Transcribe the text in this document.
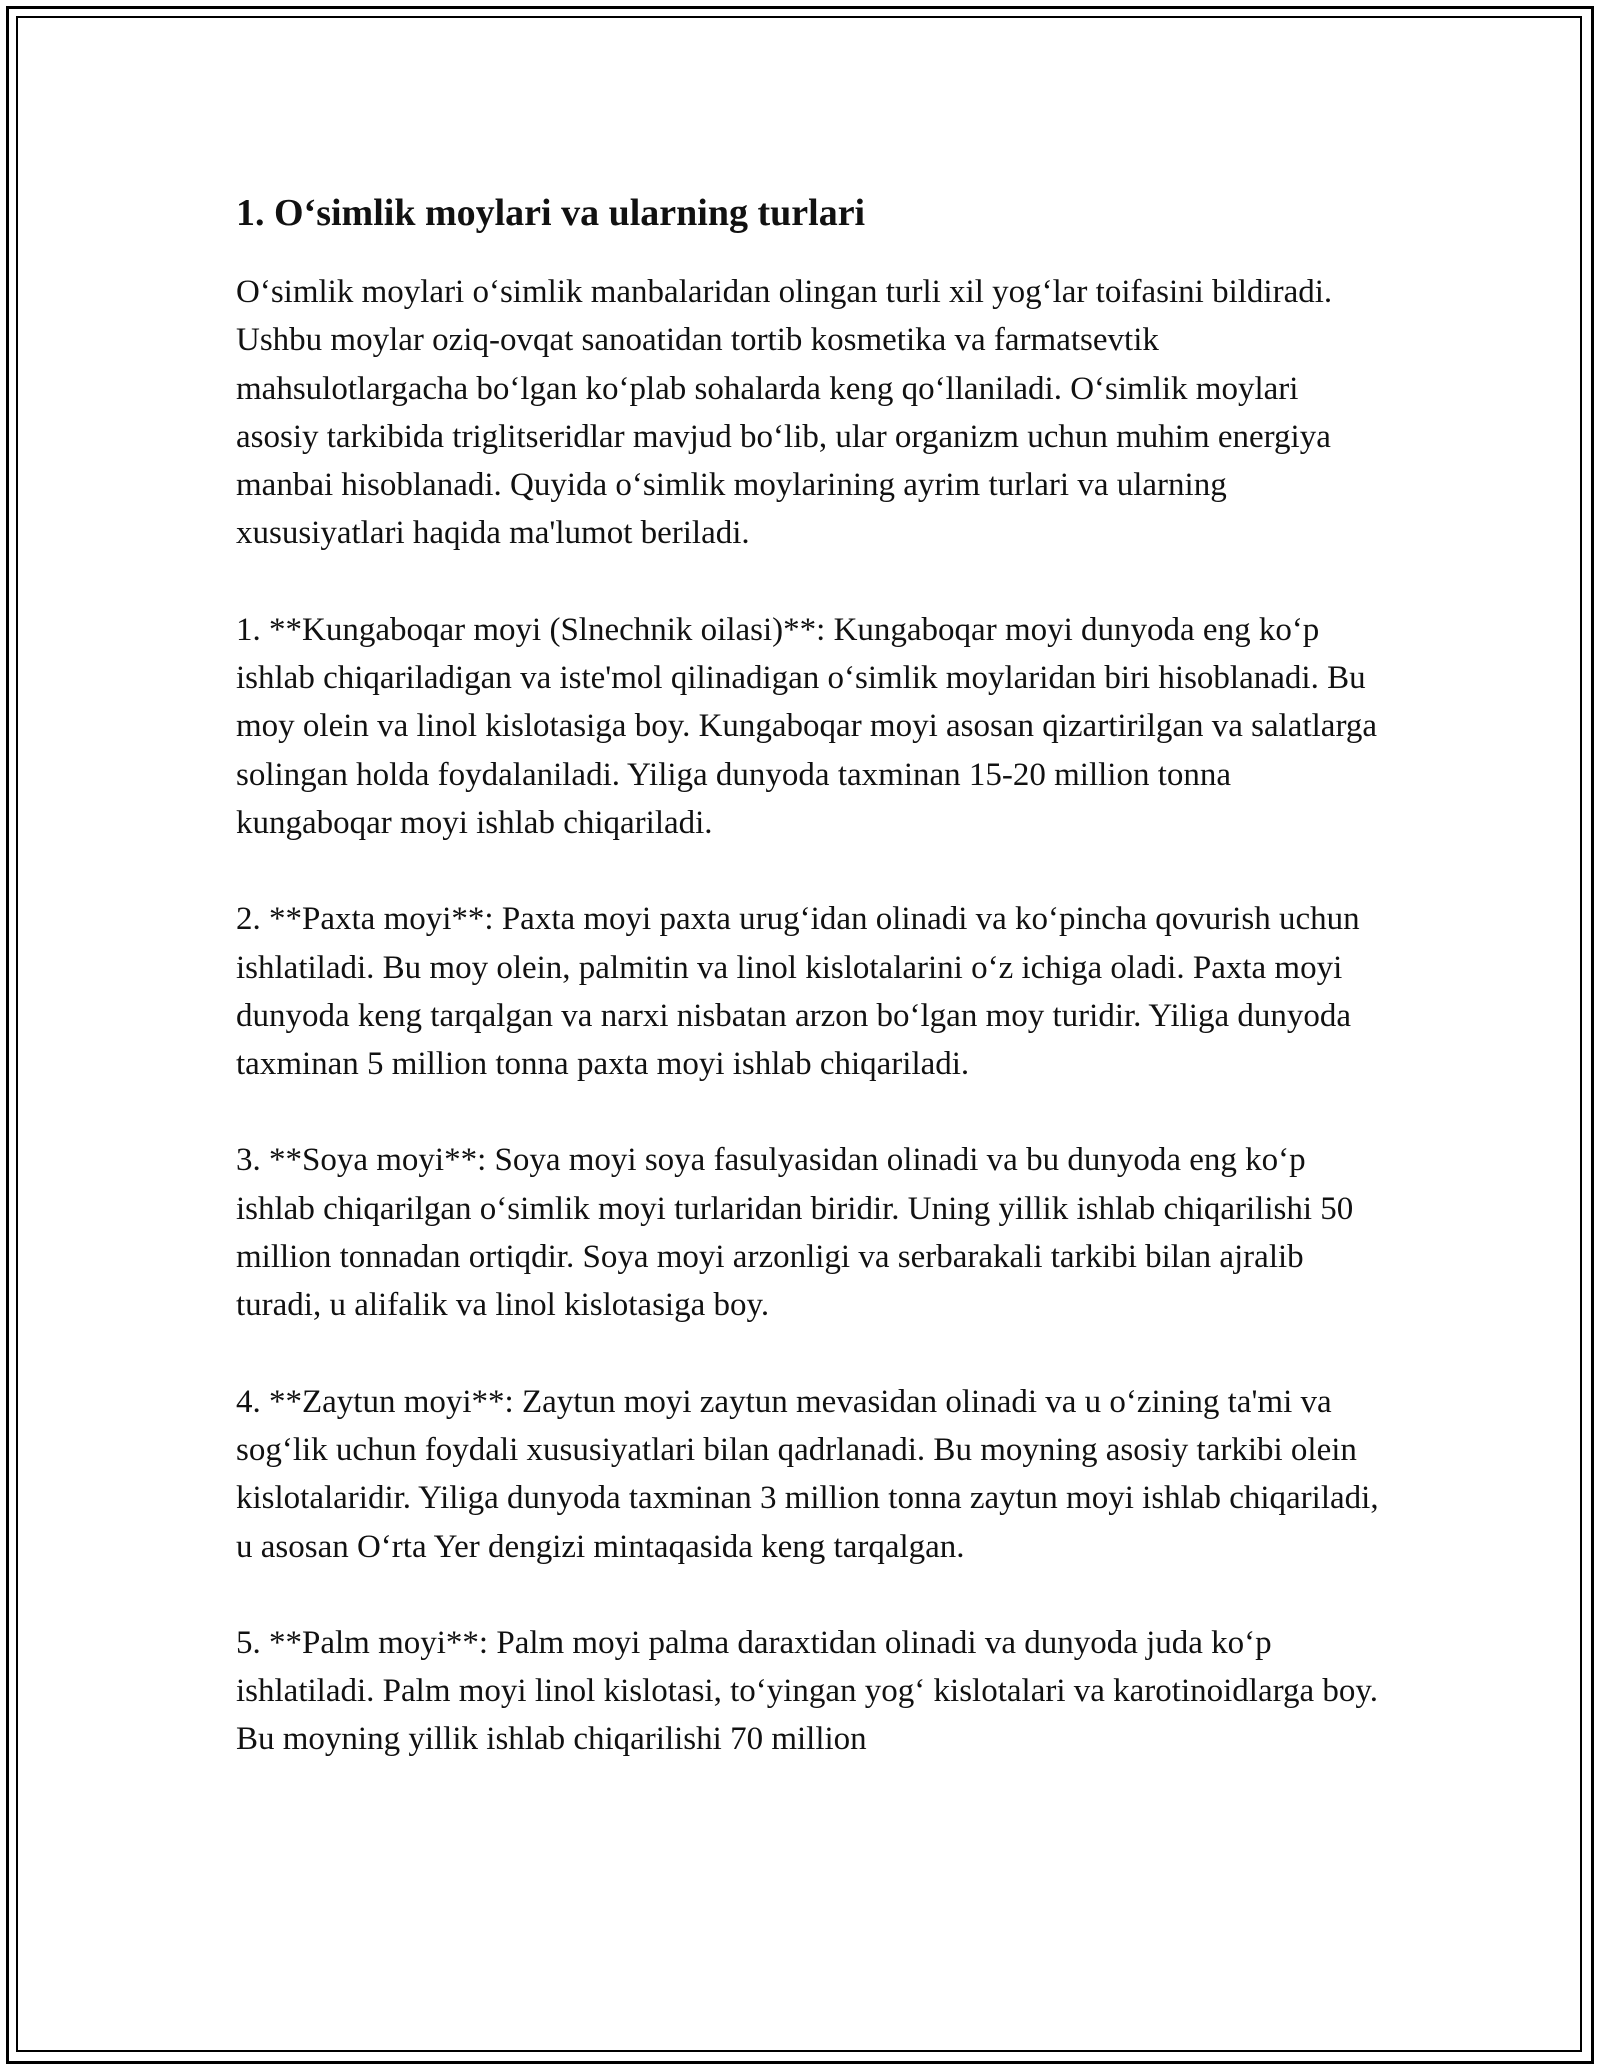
1. O‘simlik moylari va ularning turlari

O‘simlik moylari o‘simlik manbalaridan olingan turli xil yog‘lar toifasini bildiradi. Ushbu moylar oziq-ovqat sanoatidan tortib kosmetika va farmatsevtik mahsulotlargacha bo‘lgan ko‘plab sohalarda keng qo‘llaniladi. O‘simlik moylari asosiy tarkibida triglitseridlar mavjud bo‘lib, ular organizm uchun muhim energiya manbai hisoblanadi. Quyida o‘simlik moylarining ayrim turlari va ularning xususiyatlari haqida ma'lumot beriladi.

1. **Kungaboqar moyi (Slnechnik oilasi)**: Kungaboqar moyi dunyoda eng ko‘p ishlab chiqariladigan va iste'mol qilinadigan o‘simlik moylaridan biri hisoblanadi. Bu moy olein va linol kislotasiga boy. Kungaboqar moyi asosan qizartirilgan va salatlarga solingan holda foydalaniladi. Yiliga dunyoda taxminan 15-20 million tonna kungaboqar moyi ishlab chiqariladi.

2. **Paxta moyi**: Paxta moyi paxta urug‘idan olinadi va ko‘pincha qovurish uchun ishlatiladi. Bu moy olein, palmitin va linol kislotalarini o‘z ichiga oladi. Paxta moyi dunyoda keng tarqalgan va narxi nisbatan arzon bo‘lgan moy turidir. Yiliga dunyoda taxminan 5 million tonna paxta moyi ishlab chiqariladi.

3. **Soya moyi**: Soya moyi soya fasulyasidan olinadi va bu dunyoda eng ko‘p ishlab chiqarilgan o‘simlik moyi turlaridan biridir. Uning yillik ishlab chiqarilishi 50 million tonnadan ortiqdir. Soya moyi arzonligi va serbarakali tarkibi bilan ajralib turadi, u alifalik va linol kislotasiga boy.

4. **Zaytun moyi**: Zaytun moyi zaytun mevasidan olinadi va u o‘zining ta'mi va sog‘lik uchun foydali xususiyatlari bilan qadrlanadi. Bu moyning asosiy tarkibi olein kislotalaridir. Yiliga dunyoda taxminan 3 million tonna zaytun moyi ishlab chiqariladi, u asosan O‘rta Yer dengizi mintaqasida keng tarqalgan.

5. **Palm moyi**: Palm moyi palma daraxtidan olinadi va dunyoda juda ko‘p ishlatiladi. Palm moyi linol kislotasi, to‘yingan yog‘ kislotalari va karotinoidlarga boy. Bu moyning yillik ishlab chiqarilishi 70 million
